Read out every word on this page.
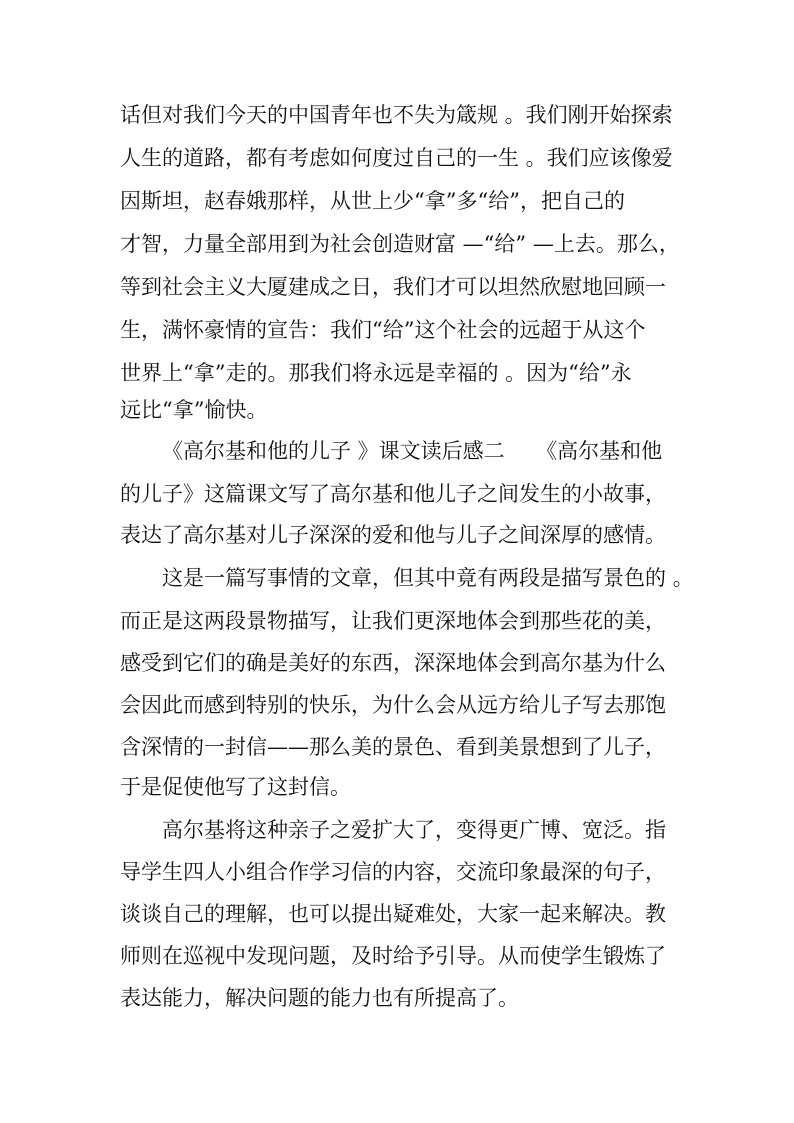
话但对我们今天的中国青年也不失为箴规 。我们刚开始探索
人生的道路，都有考虑如何度过自己的一生 。我们应该像爱
因斯坦，赵春娥那样，从世上少“拿”多“给”，把自己的
才智，力量全部用到为社会创造财富 —“给” —上去。那么，
等到社会主义大厦建成之日，我们才可以坦然欣慰地回顾一
生，满怀豪情的宣告：我们“给”这个社会的远超于从这个
世界上“拿”走的。那我们将永远是幸福的 。因为“给”永
远比“拿”愉快。
《高尔基和他的儿子 》课文读后感二　　《高尔基和他
的儿子》这篇课文写了高尔基和他儿子之间发生的小故事，
表达了高尔基对儿子深深的爱和他与儿子之间深厚的感情。
这是一篇写事情的文章，但其中竟有两段是描写景色的 。
而正是这两段景物描写，让我们更深地体会到那些花的美，
感受到它们的确是美好的东西，深深地体会到高尔基为什么
会因此而感到特别的快乐，为什么会从远方给儿子写去那饱
含深情的一封信——那么美的景色、看到美景想到了儿子，
于是促使他写了这封信。
高尔基将这种亲子之爱扩大了，变得更广博、宽泛。指
导学生四人小组合作学习信的内容，交流印象最深的句子，
谈谈自己的理解，也可以提出疑难处，大家一起来解决。教
师则在巡视中发现问题，及时给予引导。从而使学生锻炼了
表达能力，解决问题的能力也有所提高了。
